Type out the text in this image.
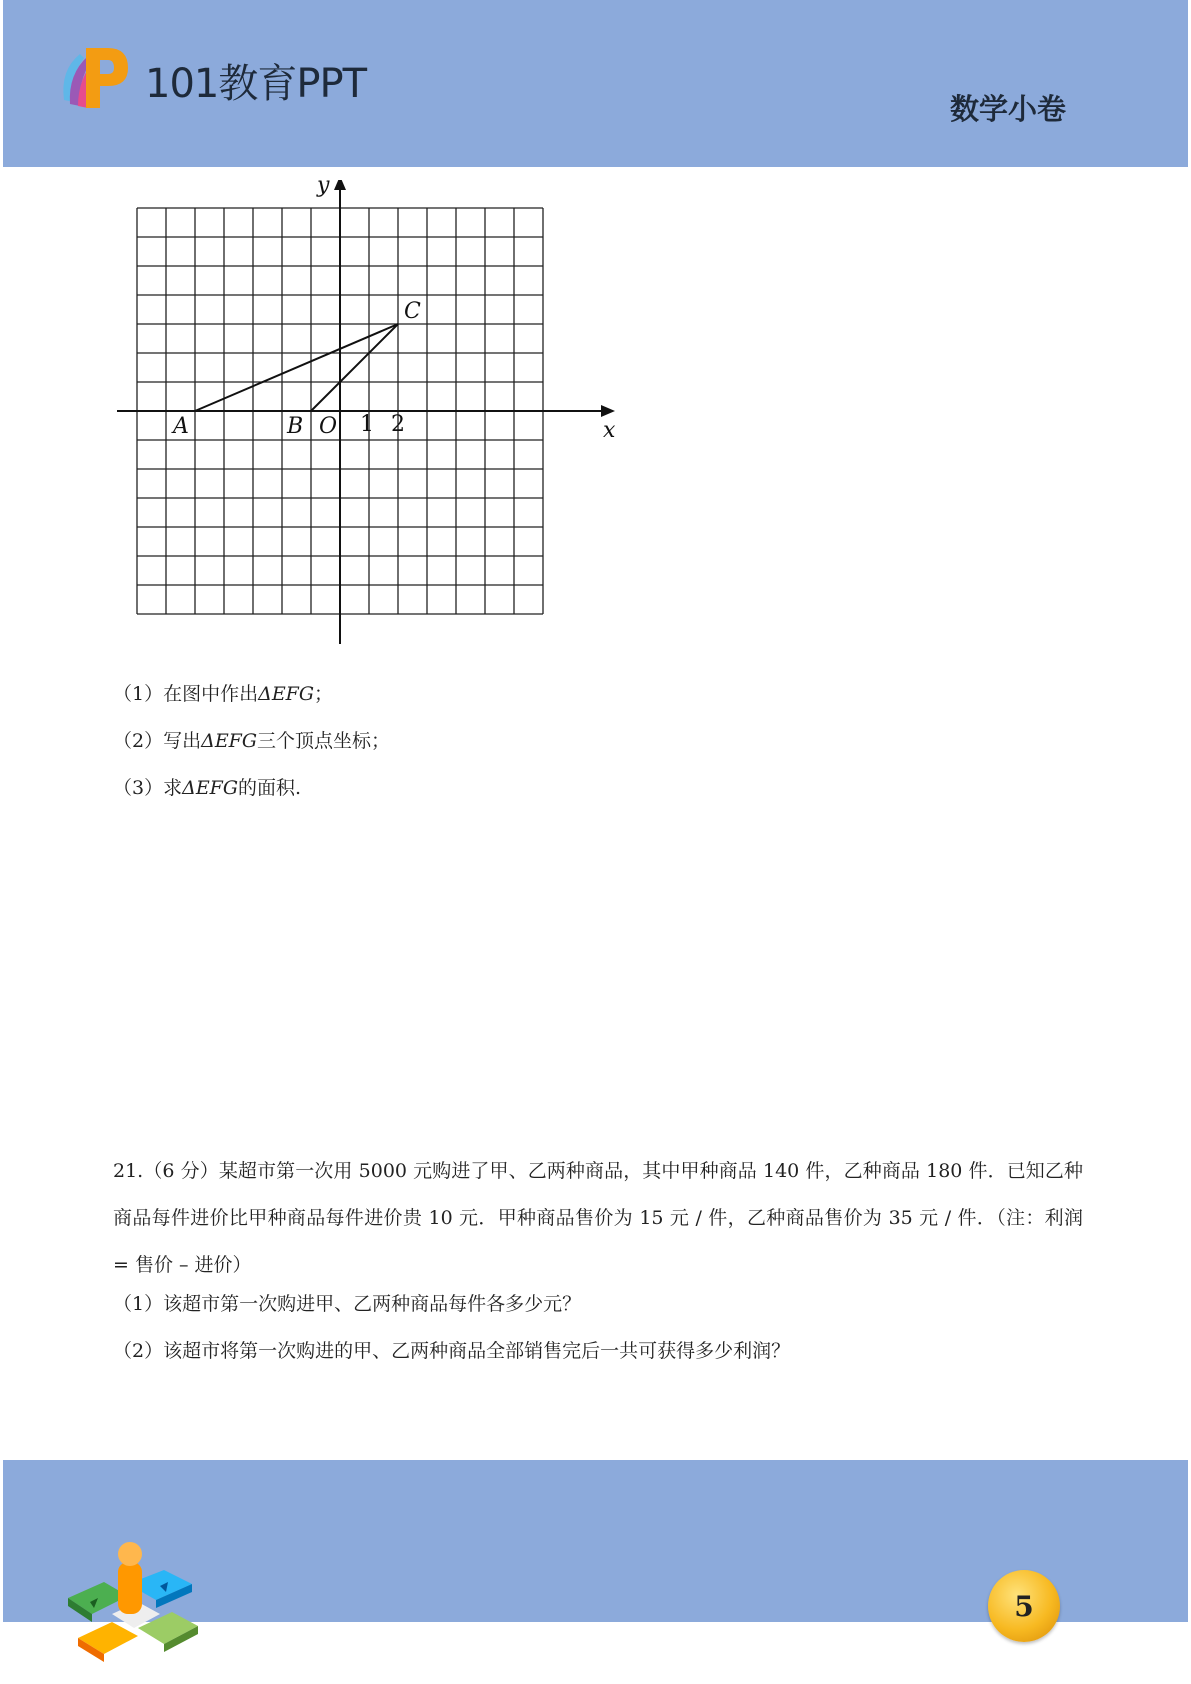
101教育PPT
数学小卷
A	B O
C
1 2	x
y
（1）在图中作出ΔEFG；
（2）写出ΔEFG三个顶点坐标；
（3）求ΔEFG的面积.
21.（6 分）某超市第一次用 5000 元购进了甲、乙两种商品，其中甲种商品 140 件，乙种商品 180 件．已知乙种商品每件进价比甲种商品每件进价贵 10 元．甲种商品售价为 15 元 / 件，乙种商品售价为 35 元 / 件．（注：利润 = 售价 – 进价）
（1）该超市第一次购进甲、乙两种商品每件各多少元？
（2）该超市将第一次购进的甲、乙两种商品全部销售完后一共可获得多少利润？
5
